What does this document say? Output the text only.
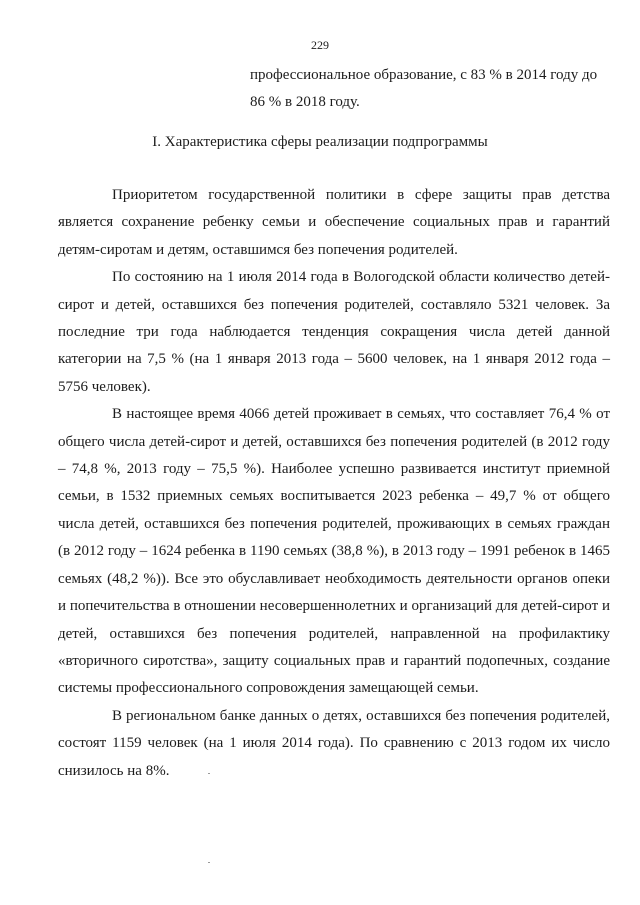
229

профессиональное образование, с 83 % в 2014 году до 86 % в 2018 году.

I. Характеристика сферы реализации подпрограммы

Приоритетом государственной политики в сфере защиты прав детства является сохранение ребенку семьи и обеспечение социальных прав и гарантий детям-сиротам и детям, оставшимся без попечения родителей.

По состоянию на 1 июля 2014 года в Вологодской области количество детей-сирот и детей, оставшихся без попечения родителей, составляло 5321 человек. За последние три года наблюдается тенденция сокращения числа детей данной категории на 7,5 % (на 1 января 2013 года – 5600 человек, на 1 января 2012 года – 5756 человек).

В настоящее время 4066 детей проживает в семьях, что составляет 76,4 % от общего числа детей-сирот и детей, оставшихся без попечения родителей (в 2012 году – 74,8 %, 2013 году – 75,5 %). Наиболее успешно развивается институт приемной семьи, в 1532 приемных семьях воспитывается 2023 ребенка – 49,7 % от общего числа детей, оставшихся без попечения родителей, проживающих в семьях граждан (в 2012 году – 1624 ребенка в 1190 семьях (38,8 %), в 2013 году – 1991 ребенок в 1465 семьях (48,2 %)). Все это обуславливает необходимость деятельности органов опеки и попечительства в отношении несовершеннолетних и организаций для детей-сирот и детей, оставшихся без попечения родителей, направленной на профилактику «вторичного сиротства», защиту социальных прав и гарантий подопечных, создание системы профессионального сопровождения замещающей семьи.

В региональном банке данных о детях, оставшихся без попечения родителей, состоят 1159 человек (на 1 июля 2014 года). По сравнению с 2013 годом их число снизилось на 8%.
